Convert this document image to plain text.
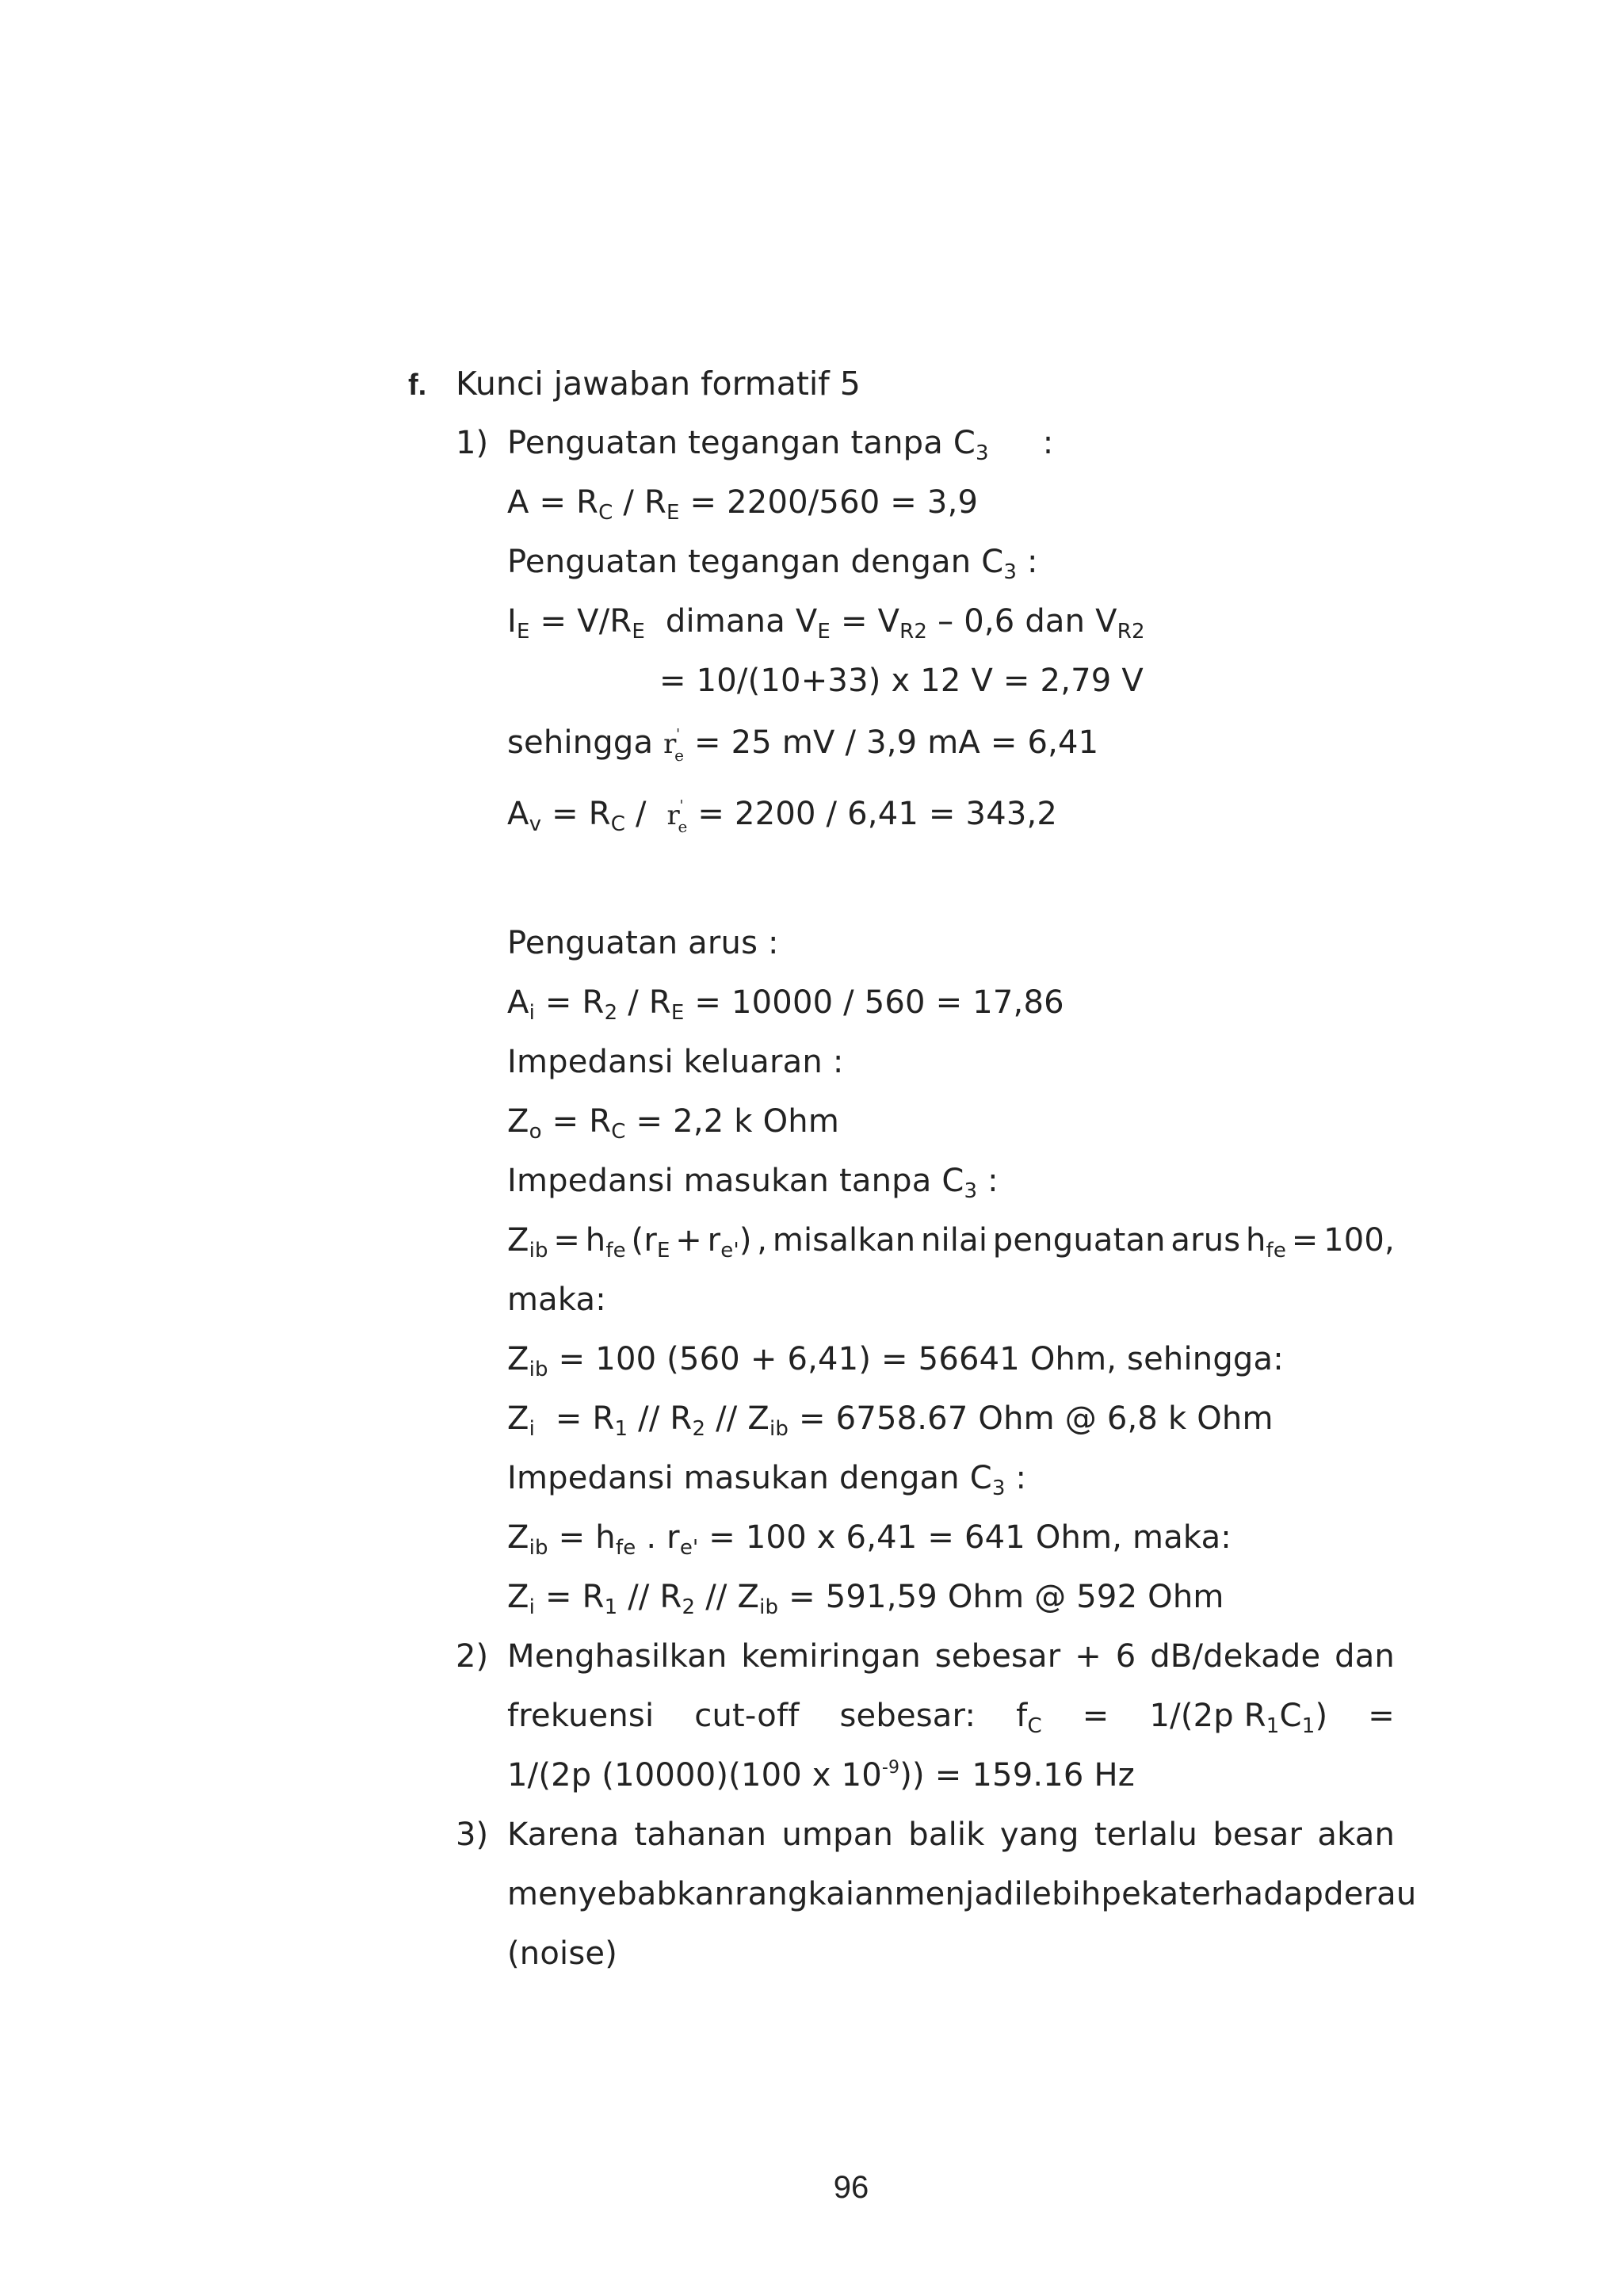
f. Kunci jawaban formatif 5
1) Penguatan tegangan tanpa $C_3$ :
$A = R_C / R_E = 2200/560 = 3,9$
Penguatan tegangan dengan $C_3$ :
$I_E = V/R_E$  dimana $V_E = V_{R2} - 0,6$ dan $V_{R2}$
= 10/(10+33) x 12 V = 2,79 V
sehingga r
e
' = 25 mV / 3,9 mA = 6,41
$A_v = R_C / r$
e
' = 2200 / 6,41 = 343,2
Penguatan arus :
$A_i = R_2 / R_E = 10000 / 560 = 17,86$
Impedansi keluaran :
$Z_o = R_C = 2,2$ k Ohm
Impedansi masukan tanpa $C_3$ :
$Z_{ib} = h_{fe}$ $(r_E + r_{e'})$ , misalkan nilai penguatan arus $h_{fe} = 100$,
maka:
$Z_{ib} = 100$ (560 + 6,41) = 56641 Ohm, sehingga:
$Z_i = R_1 // R_2 // Z_{ib} = 6758.67$ Ohm @ 6,8 k Ohm
Impedansi masukan dengan $C_3$ :
$Z_{ib} = h_{fe}$ . $r_{e'} = 100$ x 6,41 = 641 Ohm, maka:
$Z_i = R_1 // R_2 // Z_{ib} = 591,59$ Ohm @ 592 Ohm
2) Menghasilkan kemiringan sebesar + 6 dB/dekade dan
frekuensi cut-off sebesar: $f_C = 1/(2p$ $R_1C_1$) =
1/(2p (10000)(100 x $10^{-9})) = 159.16$ Hz
3) Karena tahanan umpan balik yang terlalu besar akan
menyebabkan rangkaian menjadi lebih peka terhadap derau
(noise)
96
